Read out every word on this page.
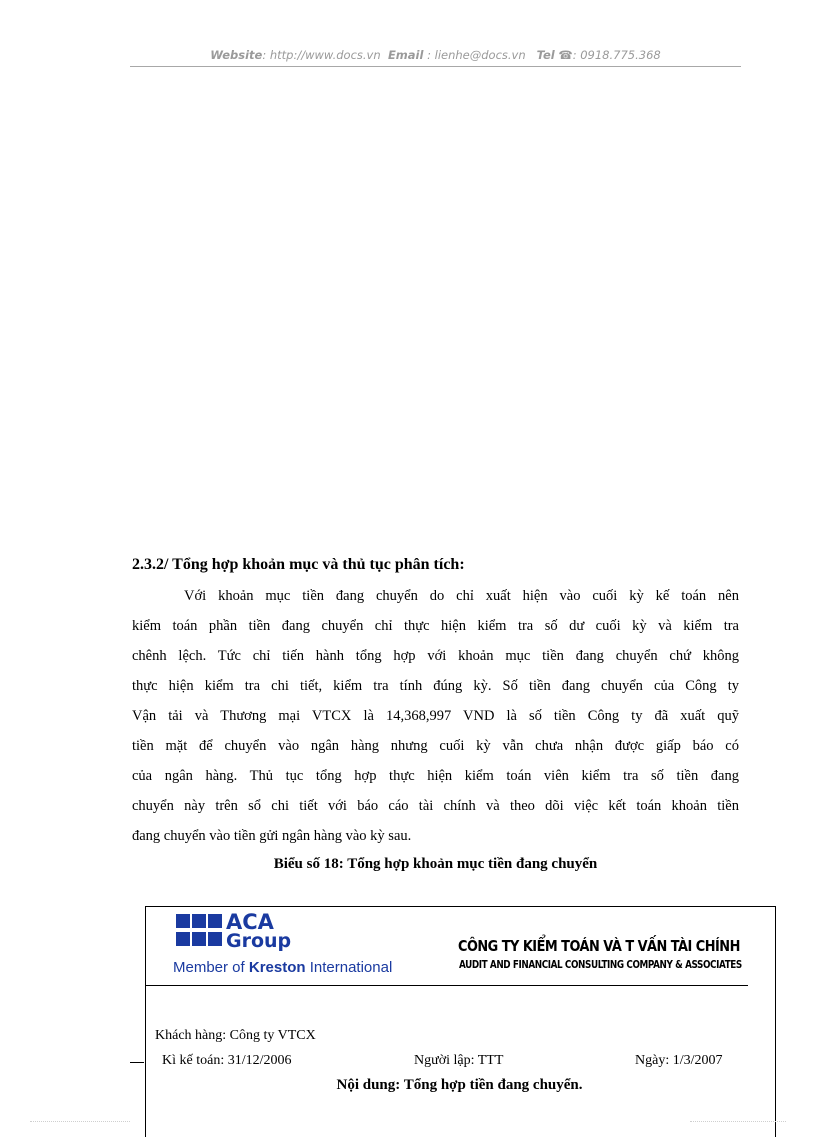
Website: http://www.docs.vn Email : lienhe@docs.vn Tel ☎: 0918.775.368
2.3.2/ Tổng hợp khoản mục và thủ tục phân tích:
Với khoản mục tiền đang chuyển do chỉ xuất hiện vào cuối kỳ kế toán nên
kiểm toán phần tiền đang chuyển chỉ thực hiện kiểm tra số dư cuối kỳ và kiểm tra
chênh lệch. Tức chỉ tiến hành tổng hợp với khoản mục tiền đang chuyển chứ không
thực hiện kiểm tra chi tiết, kiểm tra tính đúng kỳ. Số tiền đang chuyển của Công ty
Vận tải và Thương mại VTCX là 14,368,997 VND là số tiền Công ty đã xuất quỹ
tiền mặt để chuyển vào ngân hàng nhưng cuối kỳ vẫn chưa nhận được giấp báo có
của ngân hàng. Thủ tục tổng hợp thực hiện kiểm toán viên kiểm tra số tiền đang
chuyển này trên sổ chi tiết với báo cáo tài chính và theo dõi việc kết toán khoản tiền
đang chuyển vào tiền gửi ngân hàng vào kỳ sau.
Biểu số 18: Tổng hợp khoản mục tiền đang chuyển
ACA
Group
Member of Kreston International
CÔNG TY KIỂM TOÁN VÀ T VẤN TÀI CHÍNH
AUDIT AND FINANCIAL CONSULTING COMPANY & ASSOCIATES
Khách hàng: Công ty VTCX
Kì kế toán: 31/12/2006	Người lập: TTT	Ngày: 1/3/2007
Nội dung: Tổng hợp tiền đang chuyển.
